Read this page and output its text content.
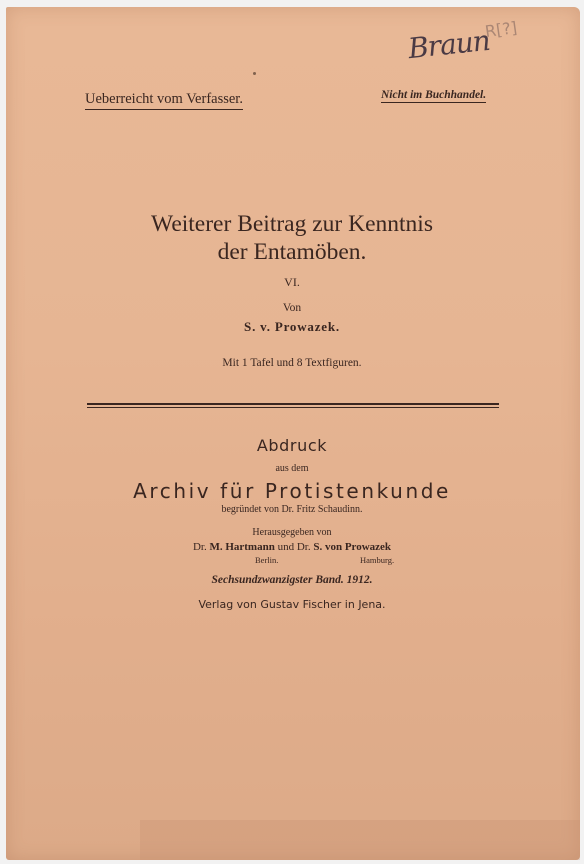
Braun
R[?]
Ueberreicht vom Verfasser.	Nicht im Buchhandel.
Weiterer Beitrag zur Kenntnis
der Entamöben.
VI.
Von
S. v. Prowazek.
Mit 1 Tafel und 8 Textfiguren.
Abdruck
aus dem
Archiv für Protistenkunde
begründet von Dr. Fritz Schaudinn.
Herausgegeben von
Dr. M. Hartmann und Dr. S. von Prowazek
Berlin.	Hamburg.
Sechsundzwanzigster Band. 1912.
Verlag von Gustav Fischer in Jena.
